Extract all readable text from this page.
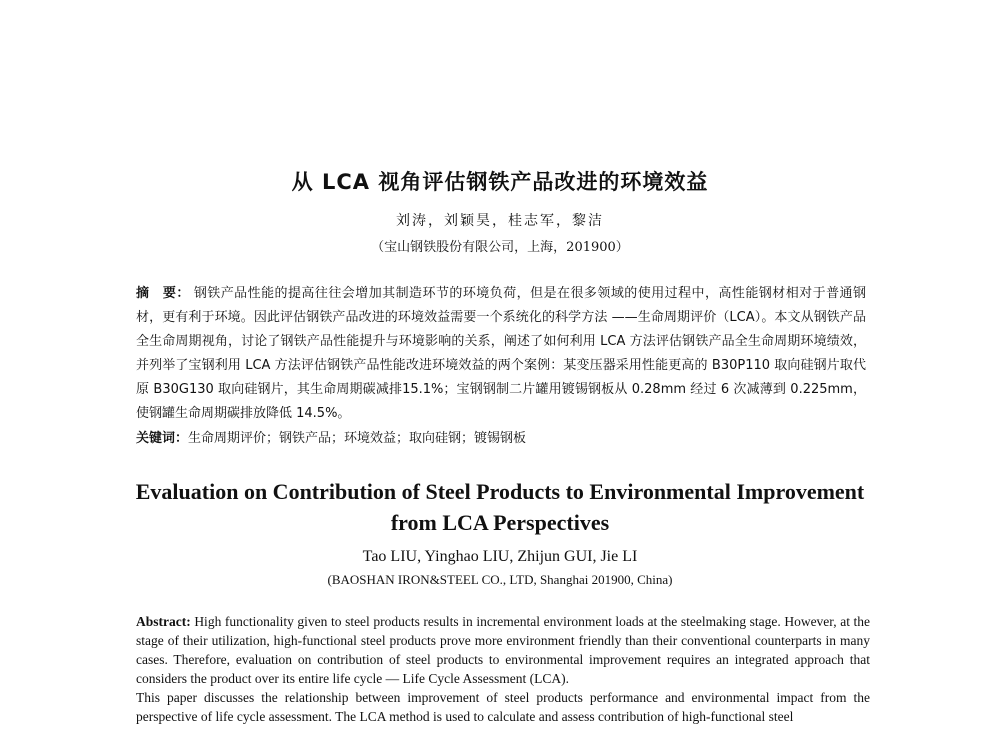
从 LCA 视角评估钢铁产品改进的环境效益
刘涛，刘颖昊，桂志军，黎洁
（宝山钢铁股份有限公司，上海，201900）
摘　要： 钢铁产品性能的提高往往会增加其制造环节的环境负荷，但是在很多领域的使用过程中，高性能钢材相对于普通钢材，更有利于环境。因此评估钢铁产品改进的环境效益需要一个系统化的科学方法 ——生命周期评价（LCA）。本文从钢铁产品全生命周期视角，讨论了钢铁产品性能提升与环境影响的关系，阐述了如何利用 LCA 方法评估钢铁产品全生命周期环境绩效，并列举了宝钢利用 LCA 方法评估钢铁产品性能改进环境效益的两个案例：某变压器采用性能更高的 B30P110 取向硅钢片取代原 B30G130 取向硅钢片，其生命周期碳减排15.1%；宝钢钢制二片罐用镀锡钢板从 0.28mm 经过 6 次减薄到 0.225mm，使钢罐生命周期碳排放降低 14.5%。
关键词：生命周期评价；钢铁产品；环境效益；取向硅钢；镀锡钢板
Evaluation on Contribution of Steel Products to Environmental Improvement from LCA Perspectives
Tao LIU, Yinghao LIU, Zhijun GUI, Jie LI
(BAOSHAN IRON&STEEL CO., LTD, Shanghai 201900, China)

Abstract: High functionality given to steel products results in incremental environment loads at the steelmaking stage. However, at the stage of their utilization, high-functional steel products prove more environment friendly than their conventional counterparts in many cases. Therefore, evaluation on contribution of steel products to environmental improvement requires an integrated approach that considers the product over its entire life cycle — Life Cycle Assessment (LCA).

This paper discusses the relationship between improvement of steel products performance and environmental impact from the perspective of life cycle assessment. The LCA method is used to calculate and assess contribution of high-functional steel
